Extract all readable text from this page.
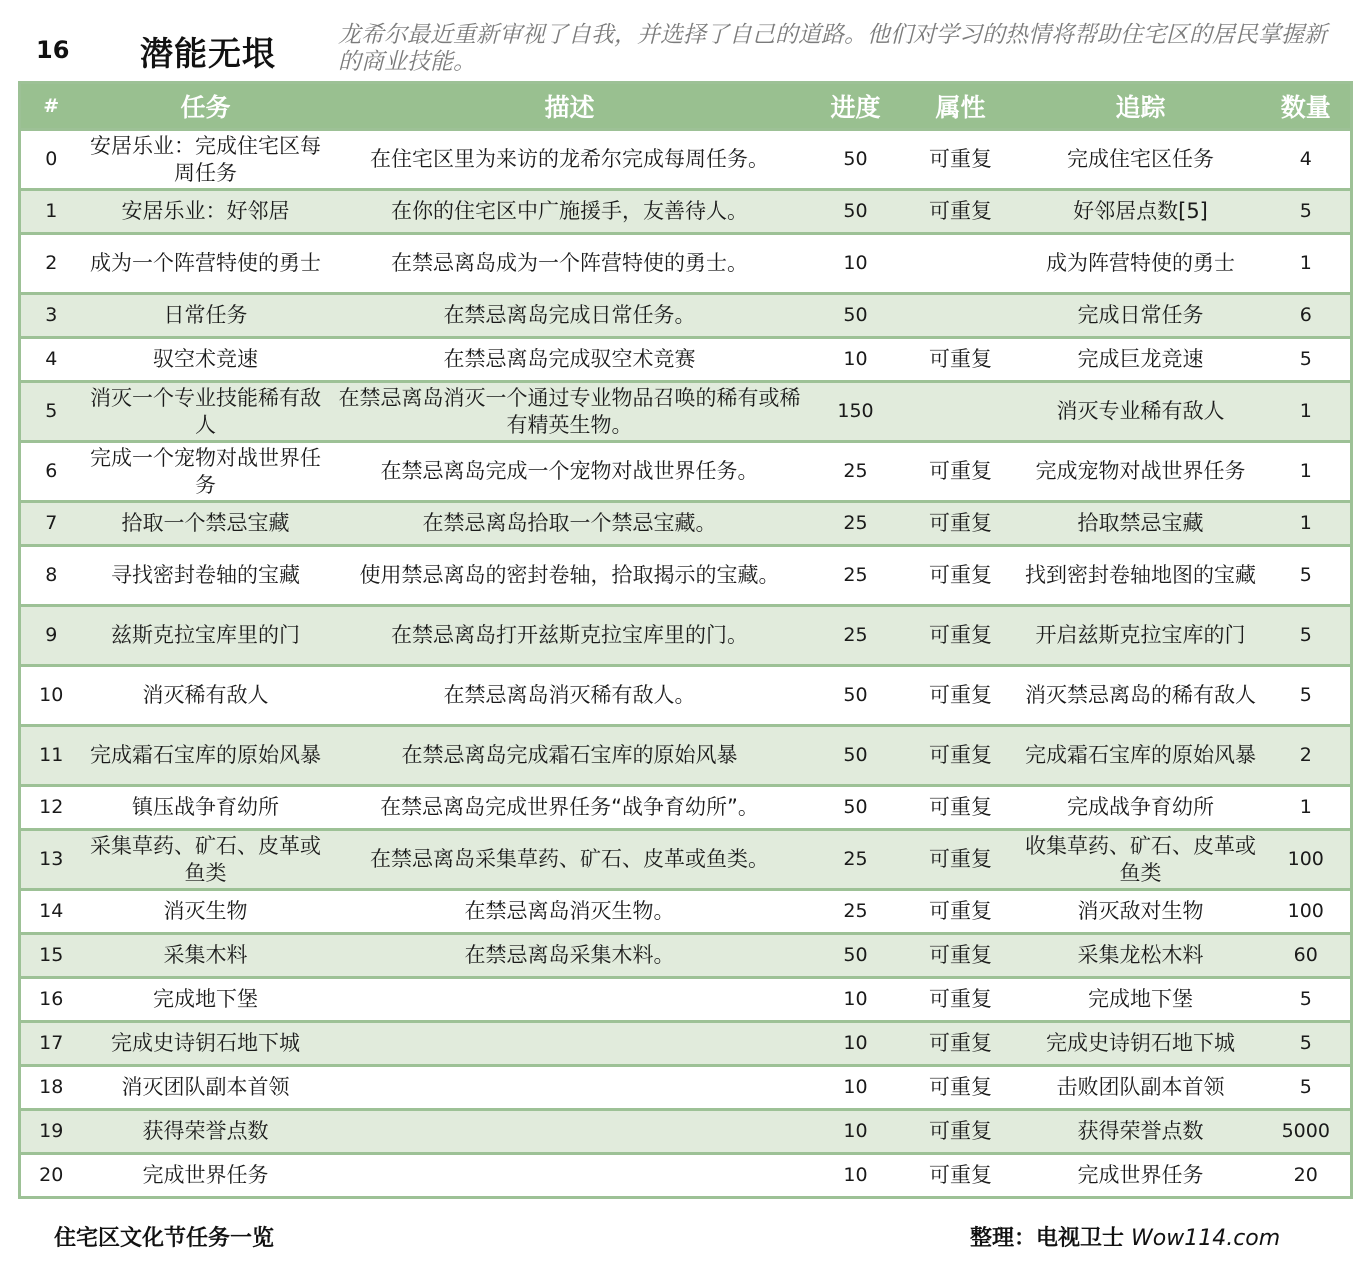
16 潜能无垠	龙希尔最近重新审视了自我，并选择了自己的道路。他们对学习的热情将帮助住宅区的居民掌握新的商业技能。
#	任务	描述	进度	属性	追踪	数量
0	安居乐业：完成住宅区每周任务	在住宅区里为来访的龙希尔完成每周任务。	50	可重复	完成住宅区任务	4
1	安居乐业：好邻居	在你的住宅区中广施援手，友善待人。	50	可重复	好邻居点数[5]	5
2	成为一个阵营特使的勇士	在禁忌离岛成为一个阵营特使的勇士。	10		成为阵营特使的勇士	1
3	日常任务	在禁忌离岛完成日常任务。	50		完成日常任务	6
4	驭空术竞速	在禁忌离岛完成驭空术竞赛	10	可重复	完成巨龙竞速	5
5	消灭一个专业技能稀有敌人	在禁忌离岛消灭一个通过专业物品召唤的稀有或稀有精英生物。	150		消灭专业稀有敌人	1
6	完成一个宠物对战世界任务	在禁忌离岛完成一个宠物对战世界任务。	25	可重复	完成宠物对战世界任务	1
7	拾取一个禁忌宝藏	在禁忌离岛拾取一个禁忌宝藏。	25	可重复	拾取禁忌宝藏	1
8	寻找密封卷轴的宝藏	使用禁忌离岛的密封卷轴，拾取揭示的宝藏。	25	可重复	找到密封卷轴地图的宝藏	5
9	兹斯克拉宝库里的门	在禁忌离岛打开兹斯克拉宝库里的门。	25	可重复	开启兹斯克拉宝库的门	5
10	消灭稀有敌人	在禁忌离岛消灭稀有敌人。	50	可重复	消灭禁忌离岛的稀有敌人	5
11	完成霜石宝库的原始风暴	在禁忌离岛完成霜石宝库的原始风暴	50	可重复	完成霜石宝库的原始风暴	2
12	镇压战争育幼所	在禁忌离岛完成世界任务“战争育幼所”。	50	可重复	完成战争育幼所	1
13	采集草药、矿石、皮革或鱼类	在禁忌离岛采集草药、矿石、皮革或鱼类。	25	可重复	收集草药、矿石、皮革或鱼类	100
14	消灭生物	在禁忌离岛消灭生物。	25	可重复	消灭敌对生物	100
15	采集木料	在禁忌离岛采集木料。	50	可重复	采集龙松木料	60
16	完成地下堡		10	可重复	完成地下堡	5
17	完成史诗钥石地下城		10	可重复	完成史诗钥石地下城	5
18	消灭团队副本首领		10	可重复	击败团队副本首领	5
19	获得荣誉点数		10	可重复	获得荣誉点数	5000
20	完成世界任务		10	可重复	完成世界任务	20
住宅区文化节任务一览	整理：电视卫士 Wow114.com
